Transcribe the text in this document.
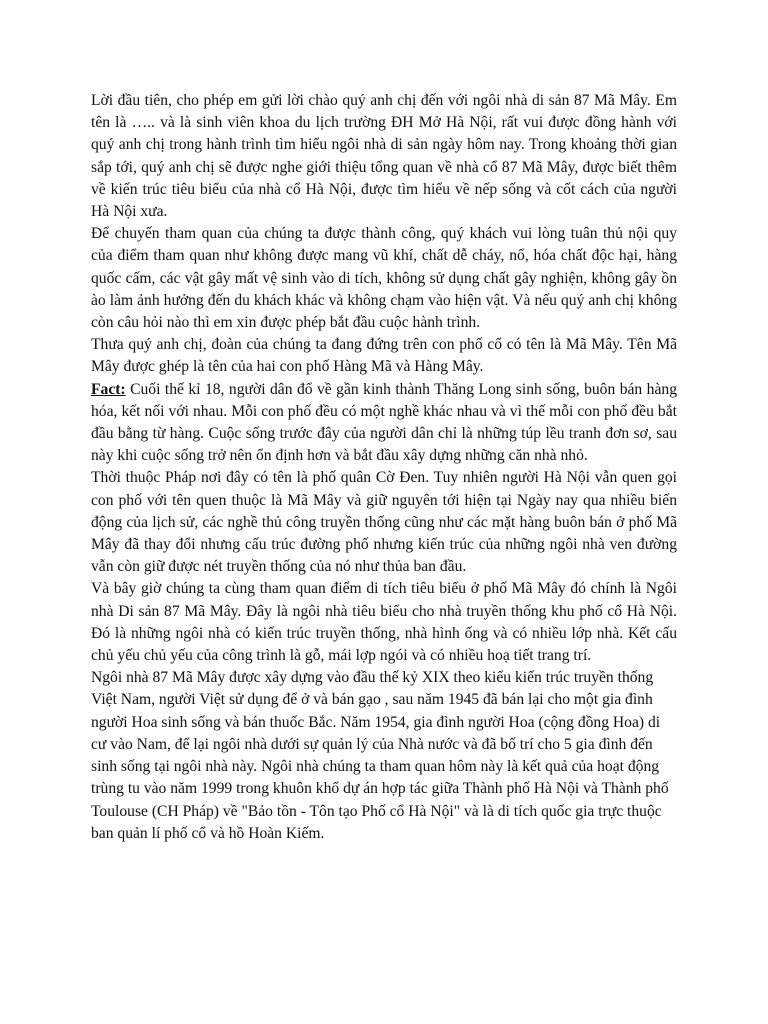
Lời đầu tiên, cho phép em gửi lời chào quý anh chị đến với ngôi nhà di sản 87 Mã Mây. Em tên là ….. và là sinh viên khoa du lịch trường ĐH Mở Hà Nội, rất vui được đồng hành với quý anh chị trong hành trình tìm hiểu ngôi nhà di sản ngày hôm nay. Trong khoảng thời gian sắp tới, quý anh chị sẽ được nghe giới thiệu tổng quan về nhà cổ 87 Mã Mây, được biết thêm về kiến trúc tiêu biểu của nhà cổ Hà Nội, được tìm hiểu về nếp sống và cốt cách của người Hà Nội xưa.

Để chuyến tham quan của chúng ta được thành công, quý khách vui lòng tuân thủ nội quy của điểm tham quan như không được mang vũ khí, chất dễ cháy, nổ, hóa chất độc hại, hàng quốc cấm, các vật gây mất vệ sinh vào di tích, không sử dụng chất gây nghiện, không gây ồn ào làm ảnh hưởng đến du khách khác và không chạm vào hiện vật. Và nếu quý anh chị không còn câu hỏi nào thì em xin được phép bắt đầu cuộc hành trình.

Thưa quý anh chị, đoàn của chúng ta đang đứng trên con phố cổ có tên là Mã Mây. Tên Mã Mây được ghép là tên của hai con phố Hàng Mã và Hàng Mây.

Fact: Cuối thế kỉ 18, người dân đổ về gần kinh thành Thăng Long sinh sống, buôn bán hàng hóa, kết nối với nhau. Mỗi con phố đều có một nghề khác nhau và vì thế mỗi con phố đều bắt đầu bằng từ hàng. Cuộc sống trước đây của người dân chỉ là những túp lều tranh đơn sơ, sau này khi cuộc sống trở nên ổn định hơn và bắt đầu xây dựng những căn nhà nhỏ.

Thời thuộc Pháp nơi đây có tên là phố quân Cờ Đen. Tuy nhiên người Hà Nội vẫn quen gọi con phố với tên quen thuộc là Mã Mây và giữ nguyên tới hiện tại Ngày nay qua nhiều biến động của lịch sử, các nghề thủ công truyền thống cũng như các mặt hàng buôn bán ở phố Mã Mây đã thay đổi nhưng cấu trúc đường phố nhưng kiến trúc của những ngôi nhà ven đường vẫn còn giữ được nét truyền thống của nó như thủa ban đầu.

Và bây giờ chúng ta cùng tham quan điểm di tích tiêu biểu ở phố Mã Mây đó chính là Ngôi nhà Di sản 87 Mã Mây. Đây là ngôi nhà tiêu biểu cho nhà truyền thống khu phố cổ Hà Nội. Đó là những ngôi nhà có kiến trúc truyền thống, nhà hình ống và có nhiều lớp nhà. Kết cấu chủ yếu chủ yếu của công trình là gỗ, mái lợp ngói và có nhiều hoạ tiết trang trí.

Ngôi nhà 87 Mã Mây được xây dựng vào đầu thế kỷ XIX theo kiểu kiến trúc truyền thống Việt Nam, người Việt sử dụng để ở và bán gạo , sau năm 1945 đã bán lại cho một gia đình người Hoa sinh sống và bán thuốc Bắc. Năm 1954, gia đình người Hoa (cộng đồng Hoa) di cư vào Nam, để lại ngôi nhà dưới sự quản lý của Nhà nước và đã bố trí cho 5 gia đình đến sinh sống tại ngôi nhà này. Ngôi nhà chúng ta tham quan hôm này là kết quả của hoạt động trùng tu vào năm 1999 trong khuôn khổ dự án hợp tác giữa Thành phố Hà Nội và Thành phố Toulouse (CH Pháp) về "Bảo tồn - Tôn tạo Phố cổ Hà Nội" và là di tích quốc gia trực thuộc ban quản lí phố cổ và hồ Hoàn Kiếm.
